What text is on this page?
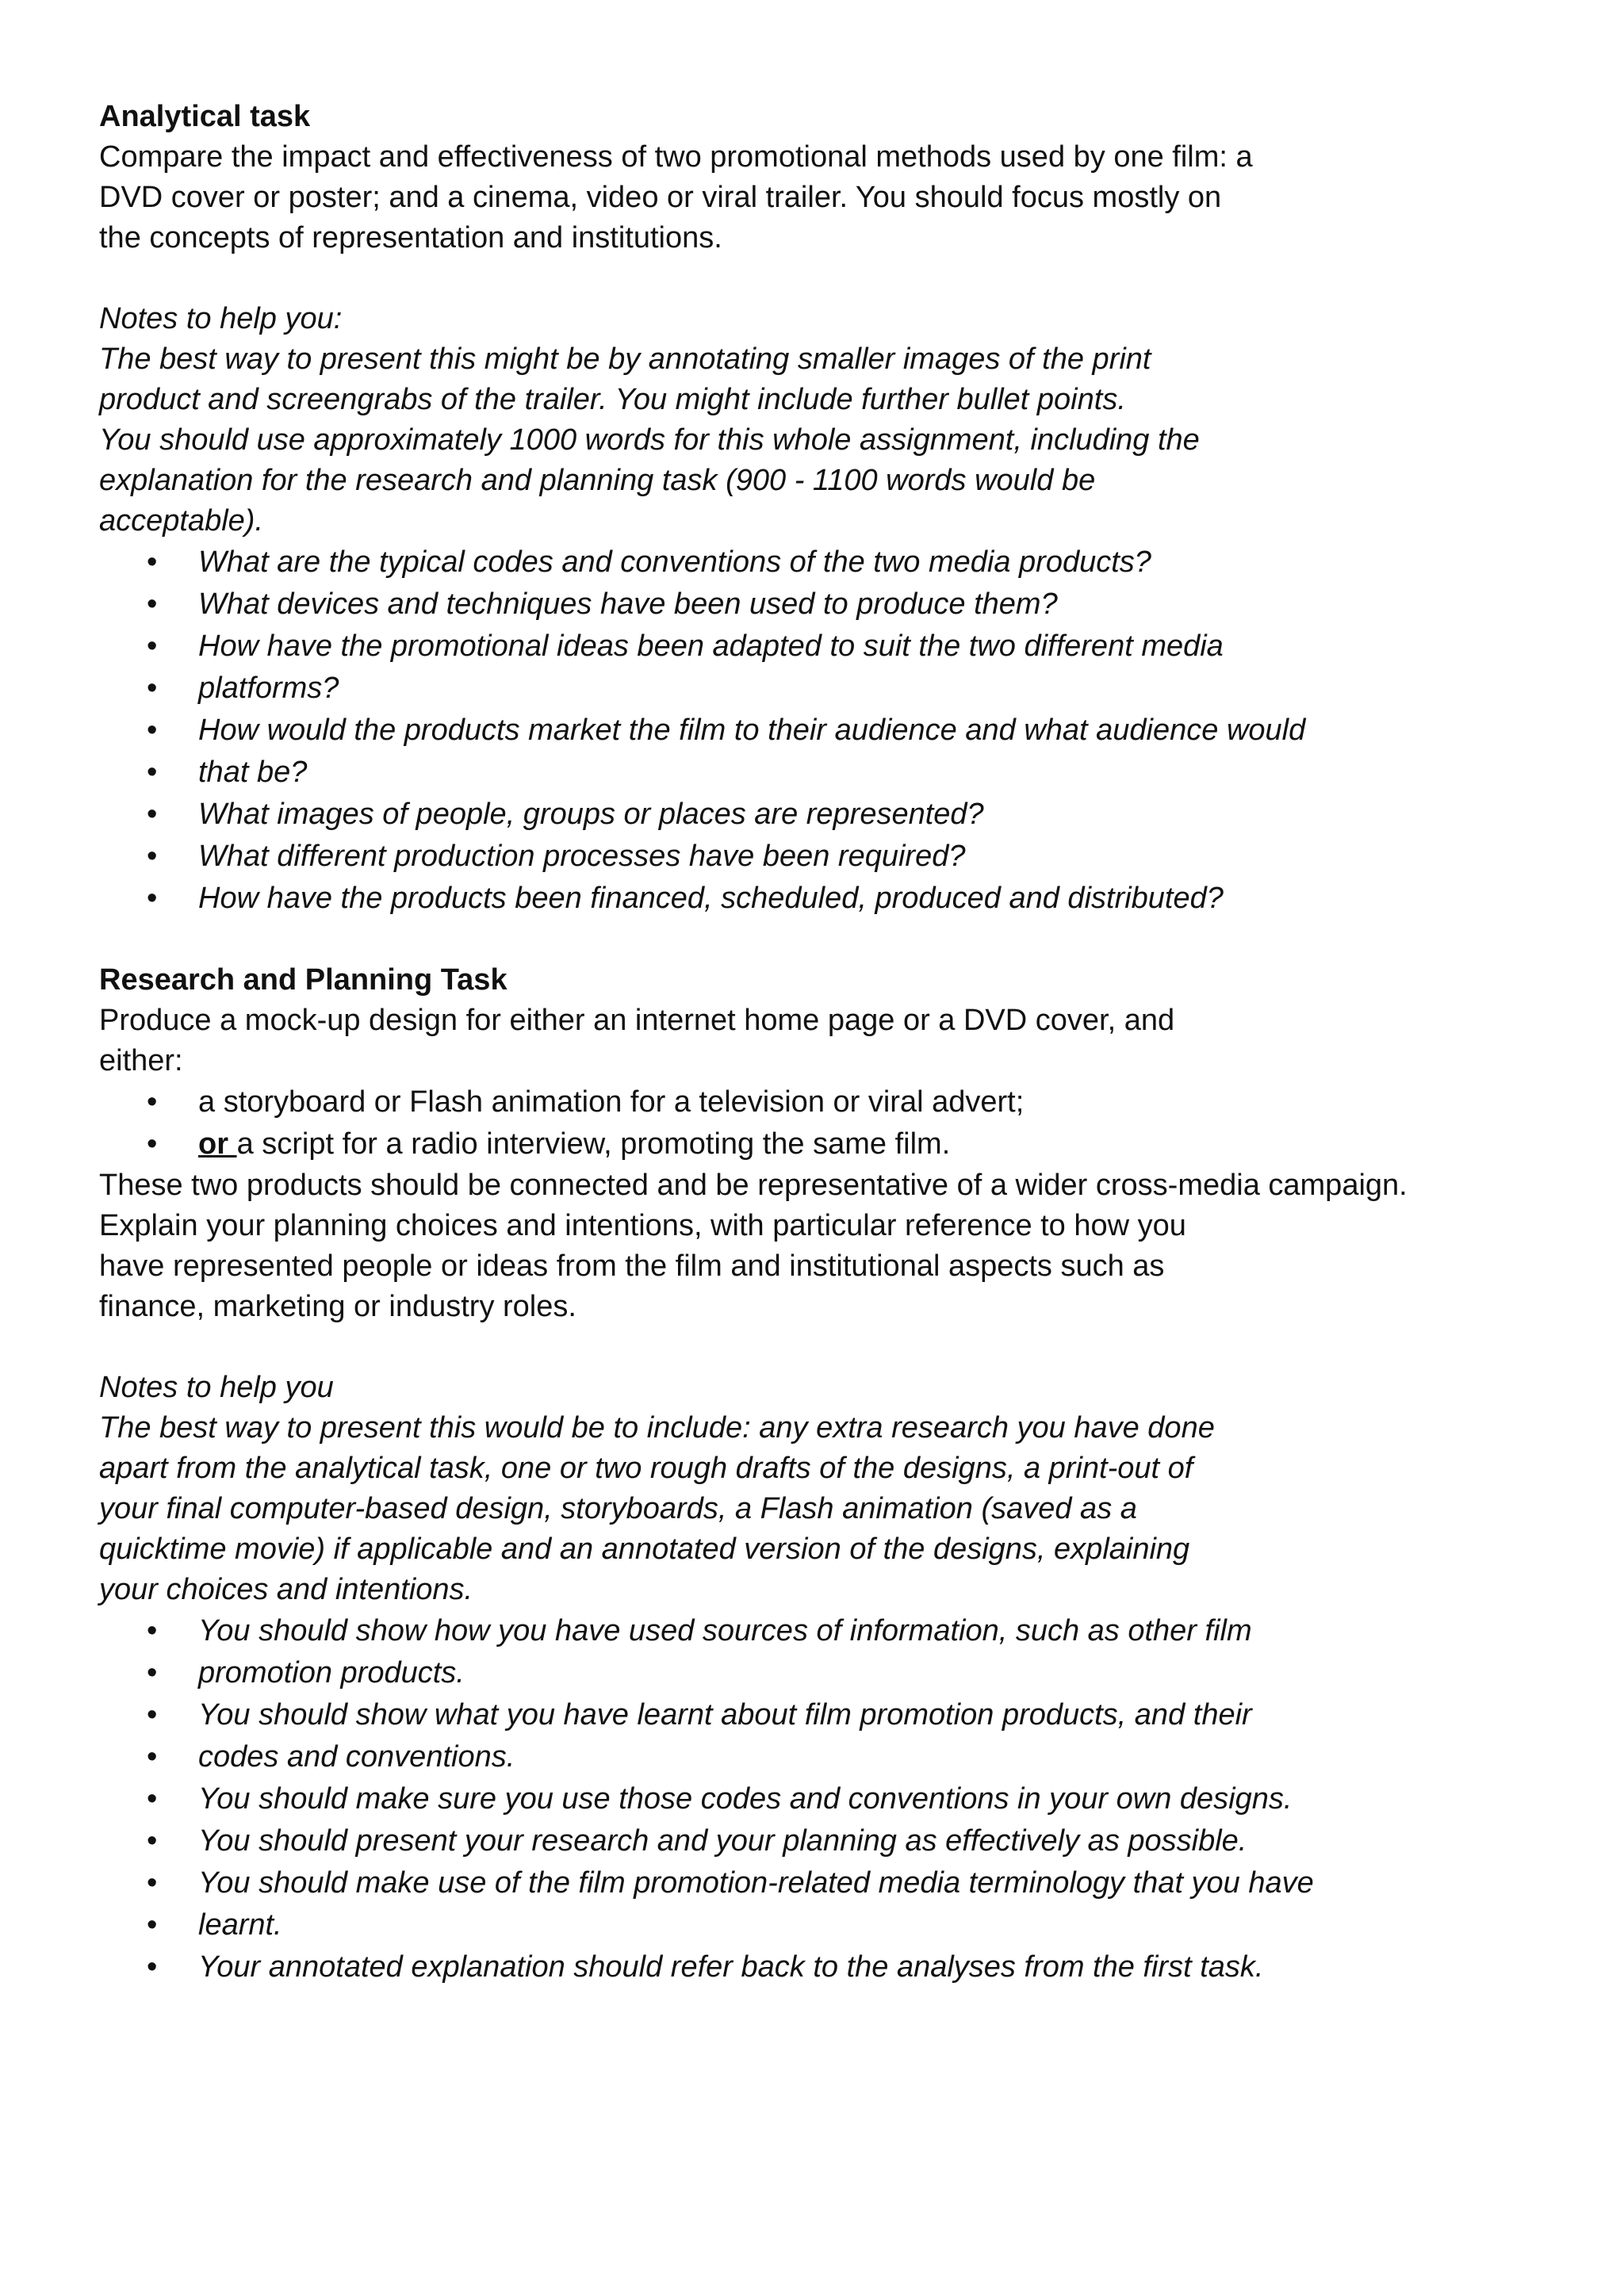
Analytical task

Compare the impact and effectiveness of two promotional methods used by one film: a
DVD cover or poster; and a cinema, video or viral trailer. You should focus mostly on
the concepts of representation and institutions.

Notes to help you:

The best way to present this might be by annotating smaller images of the print
product and screengrabs of the trailer. You might include further bullet points.
You should use approximately 1000 words for this whole assignment, including the
explanation for the research and planning task (900 - 1100 words would be
acceptable).

• What are the typical codes and conventions of the two media products?
• What devices and techniques have been used to produce them?
• How have the promotional ideas been adapted to suit the two different media
• platforms?
• How would the products market the film to their audience and what audience would
• that be?
• What images of people, groups or places are represented?
• What different production processes have been required?
• How have the products been financed, scheduled, produced and distributed?

Research and Planning Task

Produce a mock-up design for either an internet home page or a DVD cover, and
either:

• a storyboard or Flash animation for a television or viral advert;
• or a script for a radio interview, promoting the same film.

These two products should be connected and be representative of a wider cross-media campaign.
Explain your planning choices and intentions, with particular reference to how you
have represented people or ideas from the film and institutional aspects such as
finance, marketing or industry roles.

Notes to help you

The best way to present this would be to include: any extra research you have done
apart from the analytical task, one or two rough drafts of the designs, a print-out of
your final computer-based design, storyboards, a Flash animation (saved as a
quicktime movie) if applicable and an annotated version of the designs, explaining
your choices and intentions.

• You should show how you have used sources of information, such as other film
• promotion products.
• You should show what you have learnt about film promotion products, and their
• codes and conventions.
• You should make sure you use those codes and conventions in your own designs.
• You should present your research and your planning as effectively as possible.
• You should make use of the film promotion-related media terminology that you have
• learnt.
• Your annotated explanation should refer back to the analyses from the first task.
